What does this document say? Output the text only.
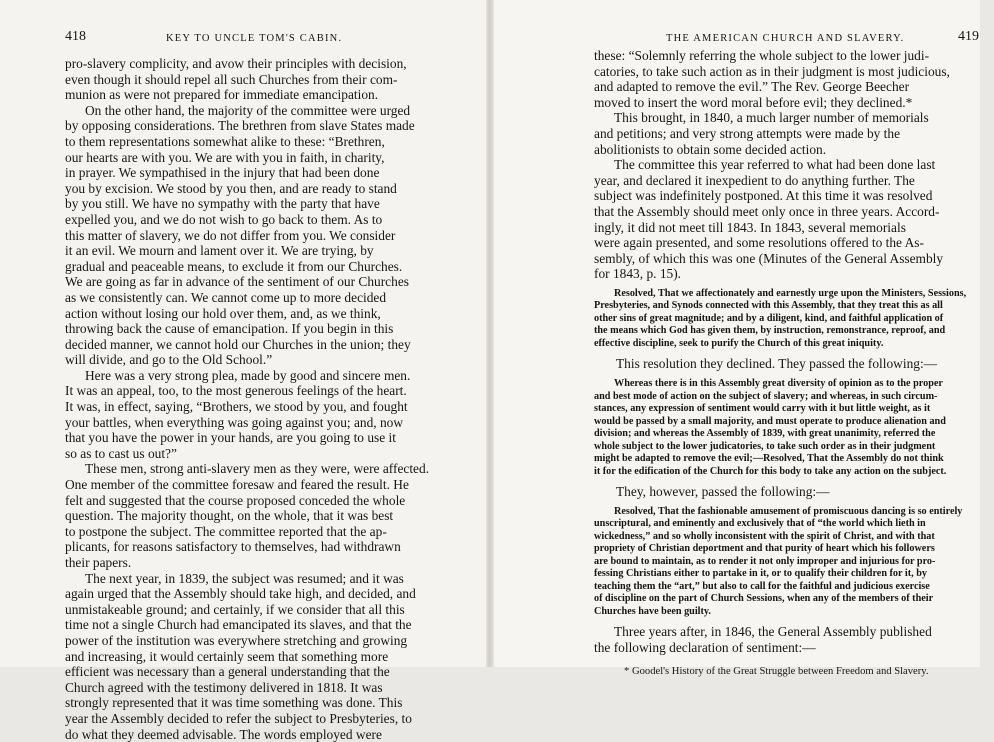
418	KEY TO UNCLE TOM'S CABIN.
pro-slavery complicity, and avow their principles with decision,
even though it should repel all such Churches from their com-
munion as were not prepared for immediate emancipation.
On the other hand, the majority of the committee were urged
by opposing considerations. The brethren from slave States made
to them representations somewhat alike to these: “Brethren,
our hearts are with you. We are with you in faith, in charity,
in prayer. We sympathised in the injury that had been done
you by excision. We stood by you then, and are ready to stand
by you still. We have no sympathy with the party that have
expelled you, and we do not wish to go back to them. As to
this matter of slavery, we do not differ from you. We consider
it an evil. We mourn and lament over it. We are trying, by
gradual and peaceable means, to exclude it from our Churches.
We are going as far in advance of the sentiment of our Churches
as we consistently can. We cannot come up to more decided
action without losing our hold over them, and, as we think,
throwing back the cause of emancipation. If you begin in this
decided manner, we cannot hold our Churches in the union; they
will divide, and go to the Old School.”
Here was a very strong plea, made by good and sincere men.
It was an appeal, too, to the most generous feelings of the heart.
It was, in effect, saying, “Brothers, we stood by you, and fought
your battles, when everything was going against you; and, now
that you have the power in your hands, are you going to use it
so as to cast us out?”
These men, strong anti-slavery men as they were, were affected.
One member of the committee foresaw and feared the result. He
felt and suggested that the course proposed conceded the whole
question. The majority thought, on the whole, that it was best
to postpone the subject. The committee reported that the ap-
plicants, for reasons satisfactory to themselves, had withdrawn
their papers.
The next year, in 1839, the subject was resumed; and it was
again urged that the Assembly should take high, and decided, and
unmistakeable ground; and certainly, if we consider that all this
time not a single Church had emancipated its slaves, and that the
power of the institution was everywhere stretching and growing
and increasing, it would certainly seem that something more
efficient was necessary than a general understanding that the
Church agreed with the testimony delivered in 1818. It was
strongly represented that it was time something was done. This
year the Assembly decided to refer the subject to Presbyteries, to
do what they deemed advisable. The words employed were
419
THE AMERICAN CHURCH AND SLAVERY.
these: “Solemnly referring the whole subject to the lower judi-
catories, to take such action as in their judgment is most judicious,
and adapted to remove the evil.” The Rev. George Beecher
moved to insert the word moral before evil; they declined.*
This brought, in 1840, a much larger number of memorials
and petitions; and very strong attempts were made by the
abolitionists to obtain some decided action.
The committee this year referred to what had been done last
year, and declared it inexpedient to do anything further. The
subject was indefinitely postponed. At this time it was resolved
that the Assembly should meet only once in three years. Accord-
ingly, it did not meet till 1843. In 1843, several memorials
were again presented, and some resolutions offered to the As-
sembly, of which this was one (Minutes of the General Assembly
for 1843, p. 15).
Resolved, That we affectionately and earnestly urge upon the Ministers, Sessions,
Presbyteries, and Synods connected with this Assembly, that they treat this as all
other sins of great magnitude; and by a diligent, kind, and faithful application of
the means which God has given them, by instruction, remonstrance, reproof, and
effective discipline, seek to purify the Church of this great iniquity.
This resolution they declined. They passed the following:—
Whereas there is in this Assembly great diversity of opinion as to the proper
and best mode of action on the subject of slavery; and whereas, in such circum-
stances, any expression of sentiment would carry with it but little weight, as it
would be passed by a small majority, and must operate to produce alienation and
division; and whereas the Assembly of 1839, with great unanimity, referred the
whole subject to the lower judicatories, to take such order as in their judgment
might be adapted to remove the evil;—Resolved, That the Assembly do not think
it for the edification of the Church for this body to take any action on the subject.
They, however, passed the following:—
Resolved, That the fashionable amusement of promiscuous dancing is so entirely
unscriptural, and eminently and exclusively that of “the world which lieth in
wickedness,” and so wholly inconsistent with the spirit of Christ, and with that
propriety of Christian deportment and that purity of heart which his followers
are bound to maintain, as to render it not only improper and injurious for pro-
fessing Christians either to partake in it, or to qualify their children for it, by
teaching them the “art,” but also to call for the faithful and judicious exercise
of discipline on the part of Church Sessions, when any of the members of their
Churches have been guilty.
Three years after, in 1846, the General Assembly published
the following declaration of sentiment:—
* Goodel's History of the Great Struggle between Freedom and Slavery.
